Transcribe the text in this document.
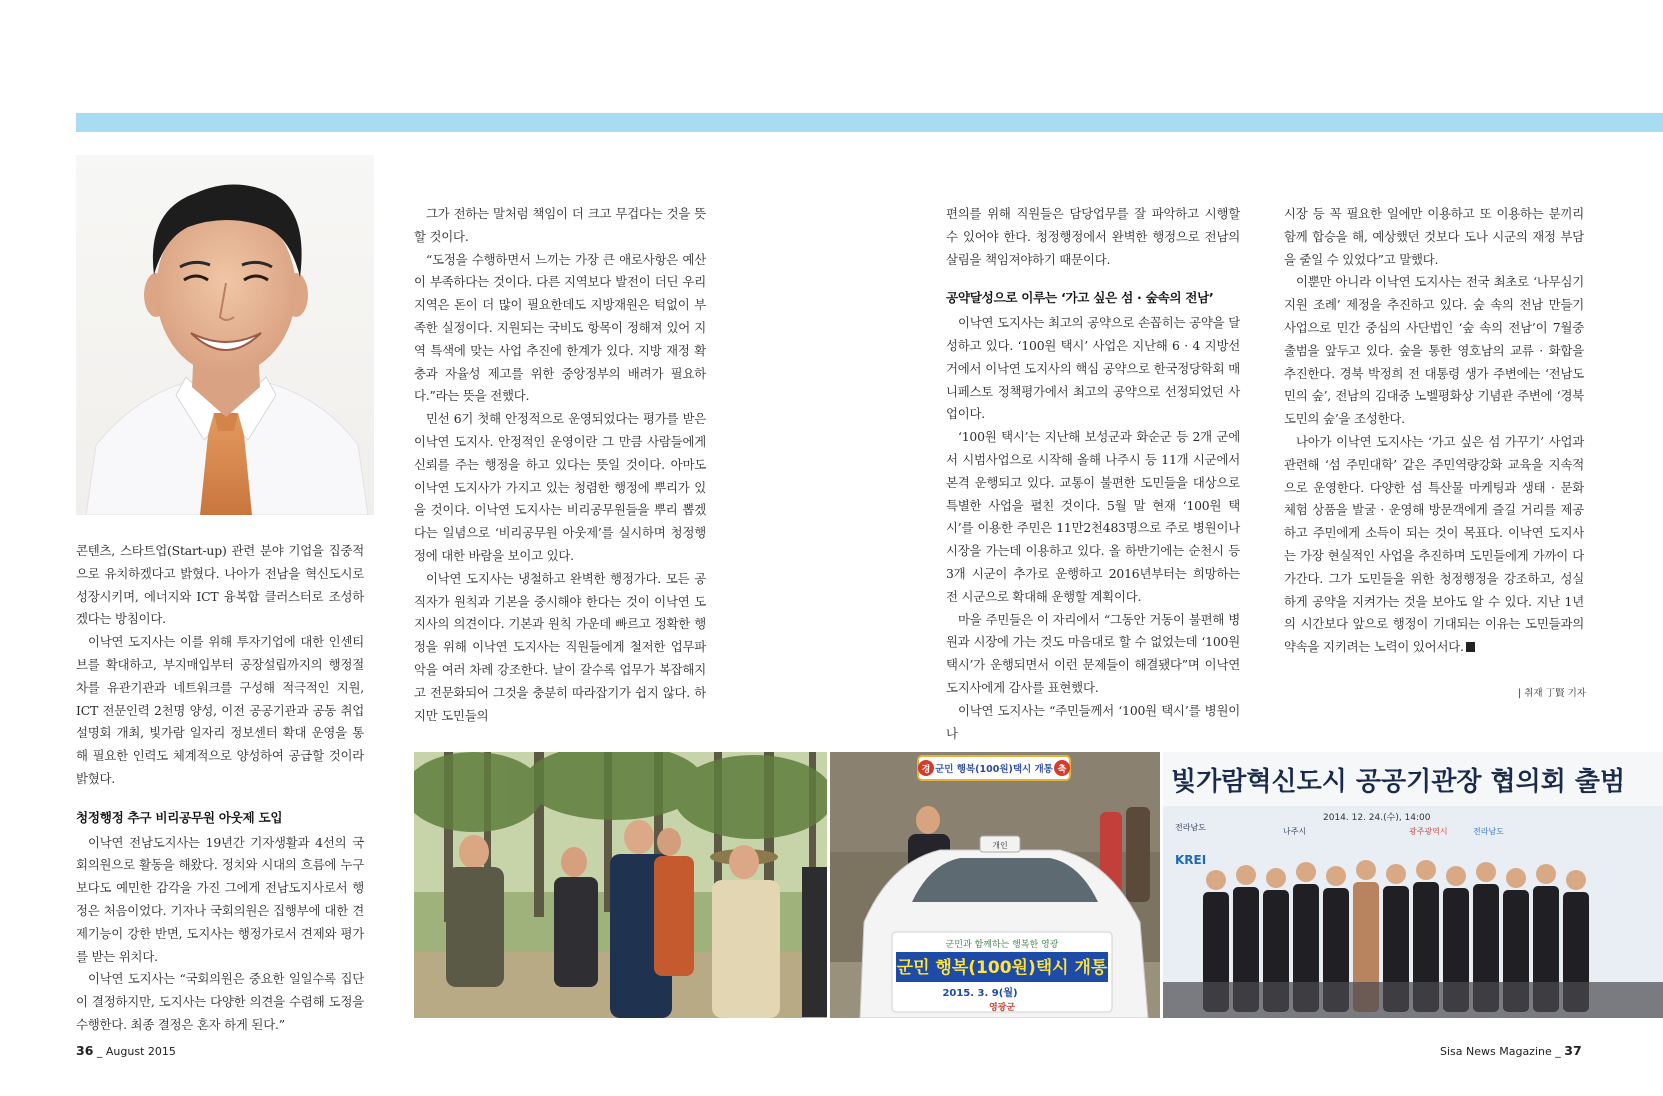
콘텐츠, 스타트업(Start-up) 관련 분야 기업을 집중적으로 유치하겠다고 밝혔다. 나아가 전남을 혁신도시로 성장시키며, 에너지와 ICT 융복합 클러스터로 조성하겠다는 방침이다.

이낙연 도지사는 이를 위해 투자기업에 대한 인센티브를 확대하고, 부지매입부터 공장설립까지의 행정절차를 유관기관과 네트워크를 구성해 적극적인 지원, ICT 전문인력 2천명 양성, 이전 공공기관과 공동 취업설명회 개최, 빛가람 일자리 정보센터 확대 운영을 통해 필요한 인력도 체계적으로 양성하여 공급할 것이라 밝혔다.

청정행정 추구 비리공무원 아웃제 도입

이낙연 전남도지사는 19년간 기자생활과 4선의 국회의원으로 활동을 해왔다. 정치와 시대의 흐름에 누구보다도 예민한 감각을 가진 그에게 전남도지사로서 행정은 처음이었다. 기자나 국회의원은 집행부에 대한 견제기능이 강한 반면, 도지사는 행정가로서 견제와 평가를 받는 위치다.

이낙연 도지사는 “국회의원은 중요한 일일수록 집단이 결정하지만, 도지사는 다양한 의견을 수렴해 도정을 수행한다. 최종 결정은 혼자 하게 된다.”

그가 전하는 말처럼 책임이 더 크고 무겁다는 것을 뜻할 것이다.

“도정을 수행하면서 느끼는 가장 큰 애로사항은 예산이 부족하다는 것이다. 다른 지역보다 발전이 더딘 우리 지역은 돈이 더 많이 필요한데도 지방재원은 턱없이 부족한 실정이다. 지원되는 국비도 항목이 정해져 있어 지역 특색에 맞는 사업 추진에 한계가 있다. 지방 재정 확충과 자율성 제고를 위한 중앙정부의 배려가 필요하다.”라는 뜻을 전했다.

민선 6기 첫해 안정적으로 운영되었다는 평가를 받은 이낙연 도지사. 안정적인 운영이란 그 만큼 사람들에게 신뢰를 주는 행정을 하고 있다는 뜻일 것이다. 아마도 이낙연 도지사가 가지고 있는 청렴한 행정에 뿌리가 있을 것이다. 이낙연 도지사는 비리공무원들을 뿌리 뽑겠다는 일념으로 ‘비리공무원 아웃제’를 실시하며 청정행정에 대한 바람을 보이고 있다.

이낙연 도지사는 냉철하고 완벽한 행정가다. 모든 공직자가 원칙과 기본을 중시해야 한다는 것이 이낙연 도지사의 의견이다. 기본과 원칙 가운데 빠르고 정확한 행정을 위해 이낙연 도지사는 직원들에게 철저한 업무파악을 여러 차례 강조한다. 날이 갈수록 업무가 복잡해지고 전문화되어 그것을 충분히 따라잡기가 쉽지 않다. 하지만 도민들의

편의를 위해 직원들은 담당업무를 잘 파악하고 시행할 수 있어야 한다. 청정행정에서 완벽한 행정으로 전남의 살림을 책임져야하기 때문이다.

공약달성으로 이루는 ‘가고 싶은 섬 · 숲속의 전남’

이낙연 도지사는 최고의 공약으로 손꼽히는 공약을 달성하고 있다. ‘100원 택시’ 사업은 지난해 6 · 4 지방선거에서 이낙연 도지사의 핵심 공약으로 한국정당학회 매니페스토 정책평가에서 최고의 공약으로 선정되었던 사업이다.

‘100원 택시’는 지난해 보성군과 화순군 등 2개 군에서 시범사업으로 시작해 올해 나주시 등 11개 시군에서 본격 운행되고 있다. 교통이 불편한 도민들을 대상으로 특별한 사업을 펼친 것이다. 5월 말 현재 ‘100원 택시’를 이용한 주민은 11만2천483명으로 주로 병원이나 시장을 가는데 이용하고 있다. 올 하반기에는 순천시 등 3개 시군이 추가로 운행하고 2016년부터는 희망하는 전 시군으로 확대해 운행할 계획이다.

마을 주민들은 이 자리에서 “그동안 거동이 불편해 병원과 시장에 가는 것도 마음대로 할 수 없었는데 ‘100원 택시’가 운행되면서 이런 문제들이 해결됐다”며 이낙연 도지사에게 감사를 표현했다.

이낙연 도지사는 “주민들께서 ‘100원 택시’를 병원이나

시장 등 꼭 필요한 일에만 이용하고 또 이용하는 분끼리 함께 합승을 해, 예상했던 것보다 도나 시군의 재정 부담을 줄일 수 있었다”고 말했다.

이뿐만 아니라 이낙연 도지사는 전국 최초로 ‘나무심기 지원 조례’ 제정을 추진하고 있다. 숲 속의 전남 만들기 사업으로 민간 중심의 사단법인 ‘숲 속의 전남’이 7월중 출범을 앞두고 있다. 숲을 통한 영호남의 교류 · 화합을 추진한다. 경북 박정희 전 대통령 생가 주변에는 ‘전남도민의 숲’, 전남의 김대중 노벨평화상 기념관 주변에 ‘경북도민의 숲’을 조성한다.

나아가 이낙연 도지사는 ‘가고 싶은 섬 가꾸기’ 사업과 관련해 ‘섬 주민대학’ 같은 주민역량강화 교육을 지속적으로 운영한다. 다양한 섬 특산물 마케팅과 생태 · 문화 체험 상품을 발굴 · 운영해 방문객에게 즐길 거리를 제공하고 주민에게 소득이 되는 것이 목표다. 이낙연 도지사는 가장 현실적인 사업을 추진하며 도민들에게 가까이 다가간다. 그가 도민들을 위한 청정행정을 강조하고, 성실하게 공약을 지켜가는 것을 보아도 알 수 있다. 지난 1년의 시간보다 앞으로 행정이 기대되는 이유는 도민들과의 약속을 지키려는 노력이 있어서다.

| 취재 丁賢 기자
경	축
군민 행복(100원)택시 개통
개인
군민과 함께하는 행복한 영광
군민 행복(100원)택시 개통
2015. 3. 9(월)
영광군
빛가람혁신도시 공공기관장 협의회 출범
2014. 12. 24.(수), 14:00
광주광역시	전라남도
KREI
전라남도	나주시
36 _ August 2015	Sisa News Magazine _ 37
